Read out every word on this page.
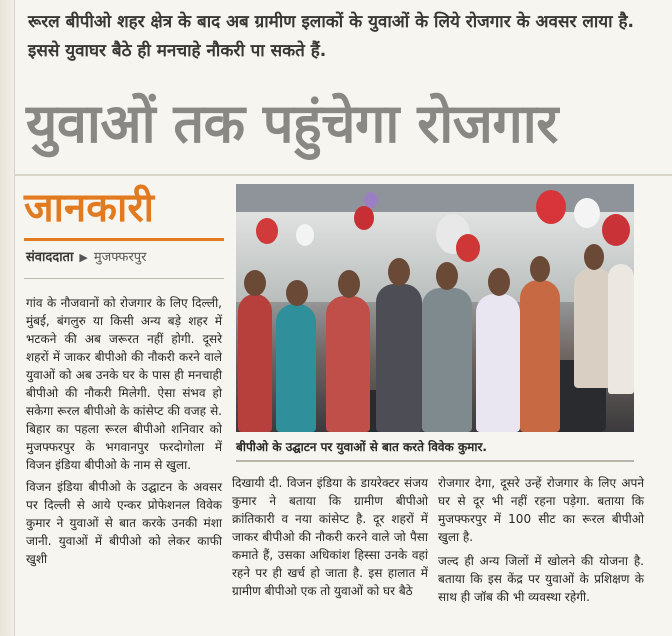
रूरल बीपीओ शहर क्षेत्र के बाद अब ग्रामीण इलाकों के युवाओं के लिये रोजगार के अवसर लाया है. इससे युवाघर बैठे ही मनचाहे नौकरी पा सकते हैं.
युवाओं तक पहुंचेगा रोजगार
जानकारी
संवाददाता ▶ मुजफ्फरपुर
बीपीओ के उद्घाटन पर युवाओं से बात करते विवेक कुमार.

गांव के नौजवानों को रोजगार के लिए दिल्ली, मुंबई, बंगलुरु या किसी अन्य बड़े शहर में भटकने की अब जरूरत नहीं होगी. दूसरे शहरों में जाकर बीपीओ की नौकरी करने वाले युवाओं को अब उनके घर के पास ही मनचाही बीपीओ की नौकरी मिलेगी. ऐसा संभव हो सकेगा रूरल बीपीओ के कांसेप्ट की वजह से. बिहार का पहला रूरल बीपीओ शनिवार को मुजफ्फरपुर के भगवानपुर फरदोगोला में विजन इंडिया बीपीओ के नाम से खुला.

विजन इंडिया बीपीओ के उद्घाटन के अवसर पर दिल्ली से आये एन्कर प्रोफेशनल विवेक कुमार ने युवाओं से बात करके उनकी मंशा जानी. युवाओं में बीपीओ को लेकर काफी खुशी

दिखायी दी. विजन इंडिया के डायरेक्टर संजय कुमार ने बताया कि ग्रामीण बीपीओ क्रांतिकारी व नया कांसेप्ट है. दूर शहरों में जाकर बीपीओ की नौकरी करने वाले जो पैसा कमाते हैं, उसका अधिकांश हिस्सा उनके वहां रहने पर ही खर्च हो जाता है. इस हालात में ग्रामीण बीपीओ एक तो युवाओं को घर बैठे

रोजगार देगा, दूसरे उन्हें रोजगार के लिए अपने घर से दूर भी नहीं रहना पड़ेगा. बताया कि मुजफ्फरपुर में 100 सीट का रूरल बीपीओ खुला है.

जल्द ही अन्य जिलों में खोलने की योजना है. बताया कि इस केंद्र पर युवाओं के प्रशिक्षण के साथ ही जॉब की भी व्यवस्था रहेगी.
